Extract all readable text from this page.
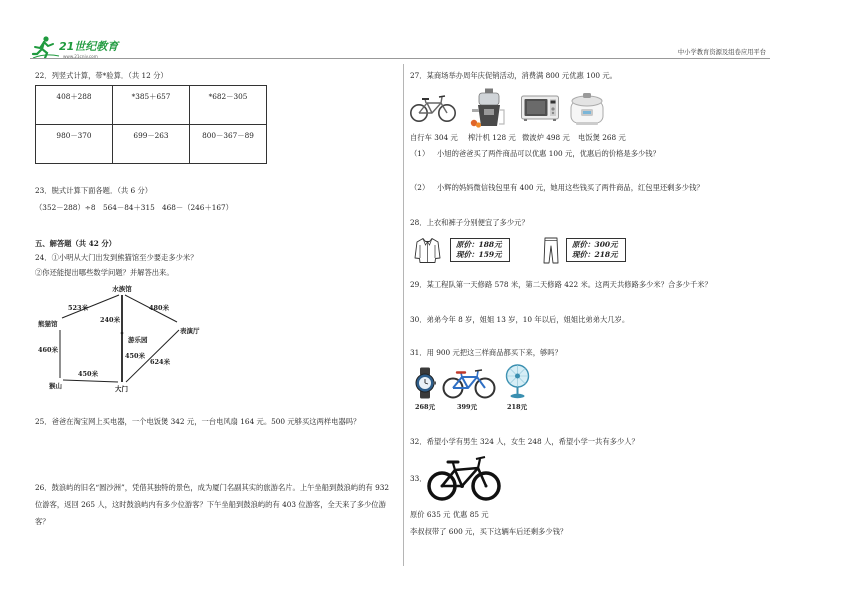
21世纪教育
www.21cnjy.com
中小学教育资源及组卷应用平台
22．列竖式计算，带*验算．（共 12 分）
408＋288	*385＋657	*682－305
980－370	699－263	800－367－89
23．脱式计算下面各题．（共 6 分）
（352－288）÷8 564－84＋315 468－（246＋167）
五、解答题（共 42 分）
24．①小明从大门出发到熊猫馆至少要走多少米？
②你还能提出哪些数学问题？并解答出来。
水族馆
熊猫馆
表演厅
游乐园
猴山	大门
523米	480米
240米
460米
450米
624米
450米
25．爸爸在淘宝网上买电器，一个电饭煲 342 元，一台电风扇 164 元。500 元够买这两样电器吗？
26．鼓浪屿的旧名“圆沙洲”，凭借其独特的景色，成为厦门名副其实的旅游名片。上午坐船到鼓浪屿的有 932
位游客，返回 265 人，这时鼓浪屿内有多少位游客？下午坐船到鼓浪屿的有 403 位游客，全天来了多少位游
客？
27．某商场举办周年庆促销活动，消费满 800 元优惠 100 元。
自行车 304 元 榨汁机 128 元 微波炉 498 元 电饭煲 268 元
（1） 小旭的爸爸买了两件商品可以优惠 100 元，优惠后的价格是多少钱？
（2） 小辉的妈妈微信钱包里有 400 元，她用这些钱买了两件商品，红包里还剩多少钱？
28．上衣和裤子分别便宜了多少元？
原价：188元
现价：159元
原价：300元
现价：218元
29．某工程队第一天修路 578 米，第二天修路 422 米。这两天共修路多少米？合多少千米？
30．弟弟今年 8 岁，姐姐 13 岁，10 年以后，姐姐比弟弟大几岁。
31．用 900 元把这三样商品都买下来，够吗？
268元	399元	218元
32．希望小学有男生 324 人，女生 248 人，希望小学一共有多少人？
33．
原价 635 元 优惠 85 元
李叔叔带了 600 元，买下这辆车后还剩多少钱？
